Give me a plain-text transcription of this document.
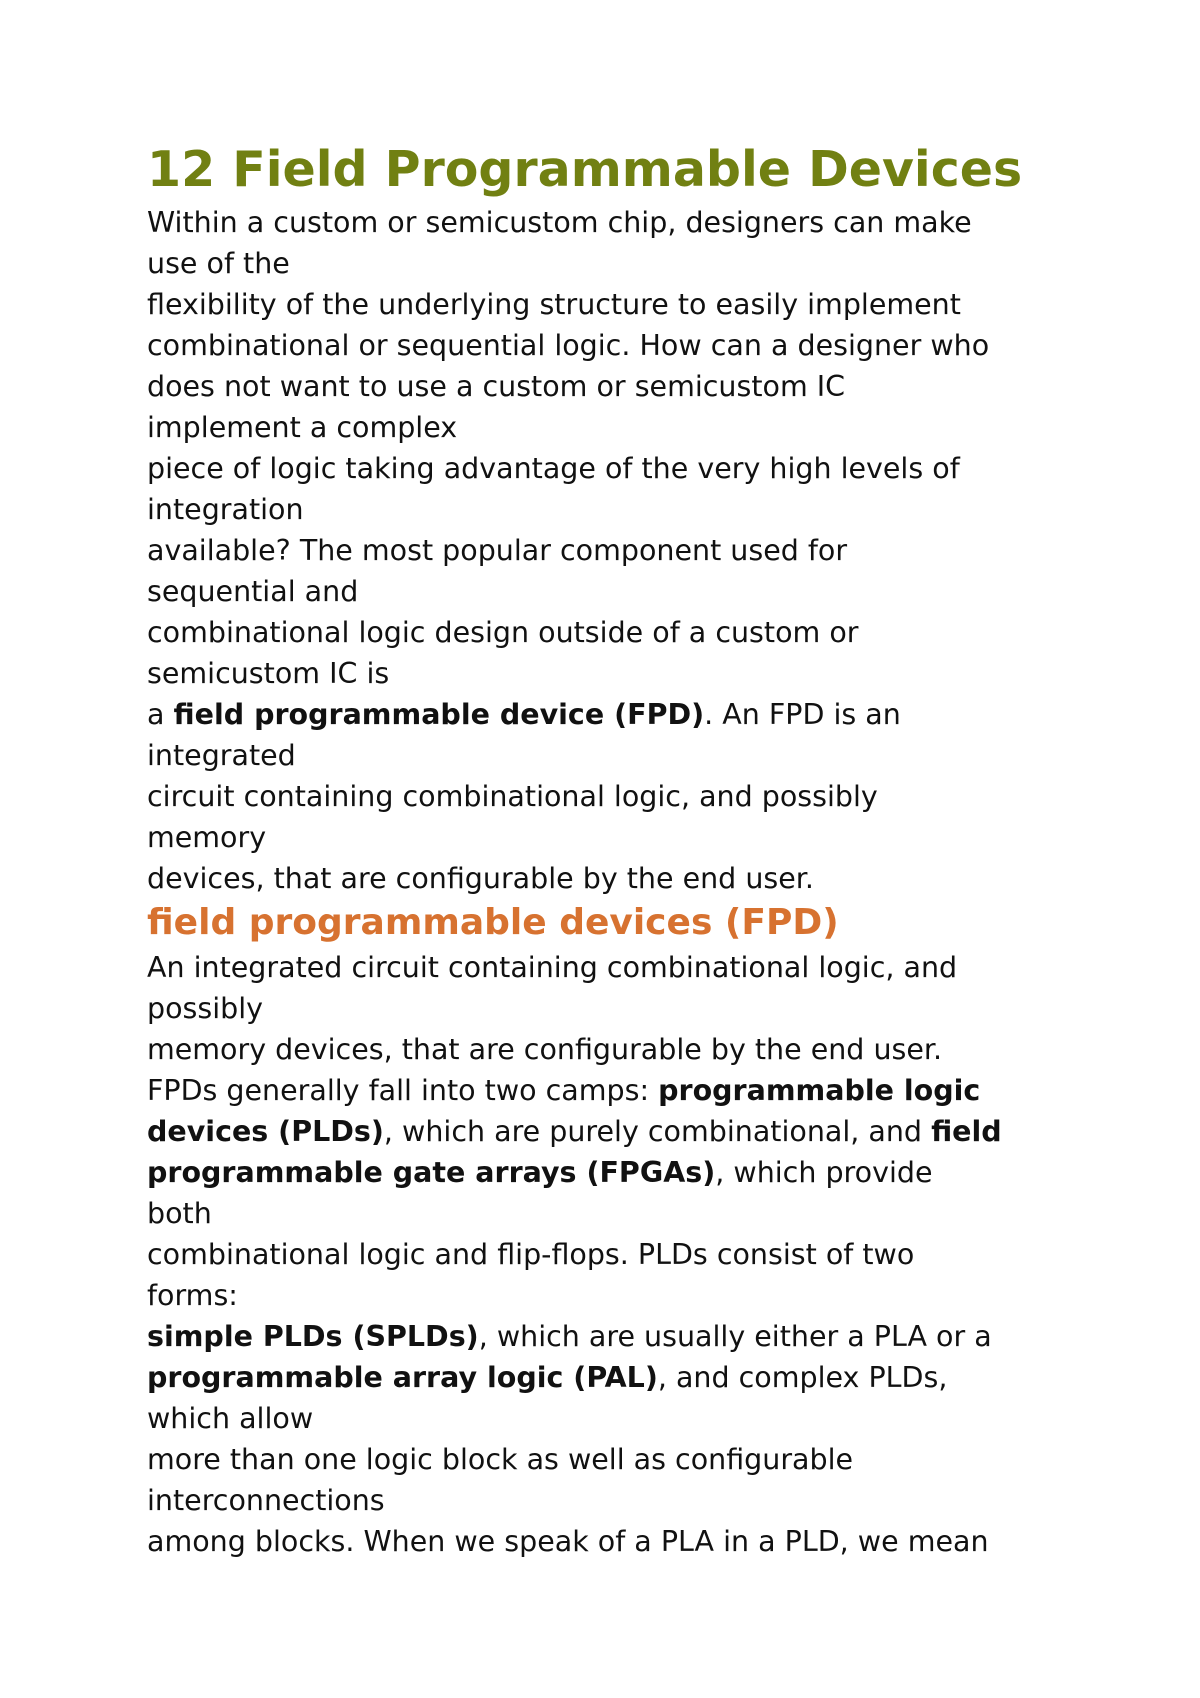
12 Field Programmable Devices
Within a custom or semicustom chip, designers can make
use of the
flexibility of the underlying structure to easily implement
combinational or sequential logic. How can a designer who
does not want to use a custom or semicustom IC
implement a complex
piece of logic taking advantage of the very high levels of
integration
available? The most popular component used for
sequential and
combinational logic design outside of a custom or
semicustom IC is
a field programmable device (FPD). An FPD is an
integrated
circuit containing combinational logic, and possibly
memory
devices, that are configurable by the end user.
field programmable devices (FPD)
An integrated circuit containing combinational logic, and
possibly
memory devices, that are configurable by the end user.
FPDs generally fall into two camps: programmable logic
devices (PLDs), which are purely combinational, and field
programmable gate arrays (FPGAs), which provide
both
combinational logic and flip-flops. PLDs consist of two
forms:
simple PLDs (SPLDs), which are usually either a PLA or a
programmable array logic (PAL), and complex PLDs,
which allow
more than one logic block as well as configurable
interconnections
among blocks. When we speak of a PLA in a PLD, we mean
